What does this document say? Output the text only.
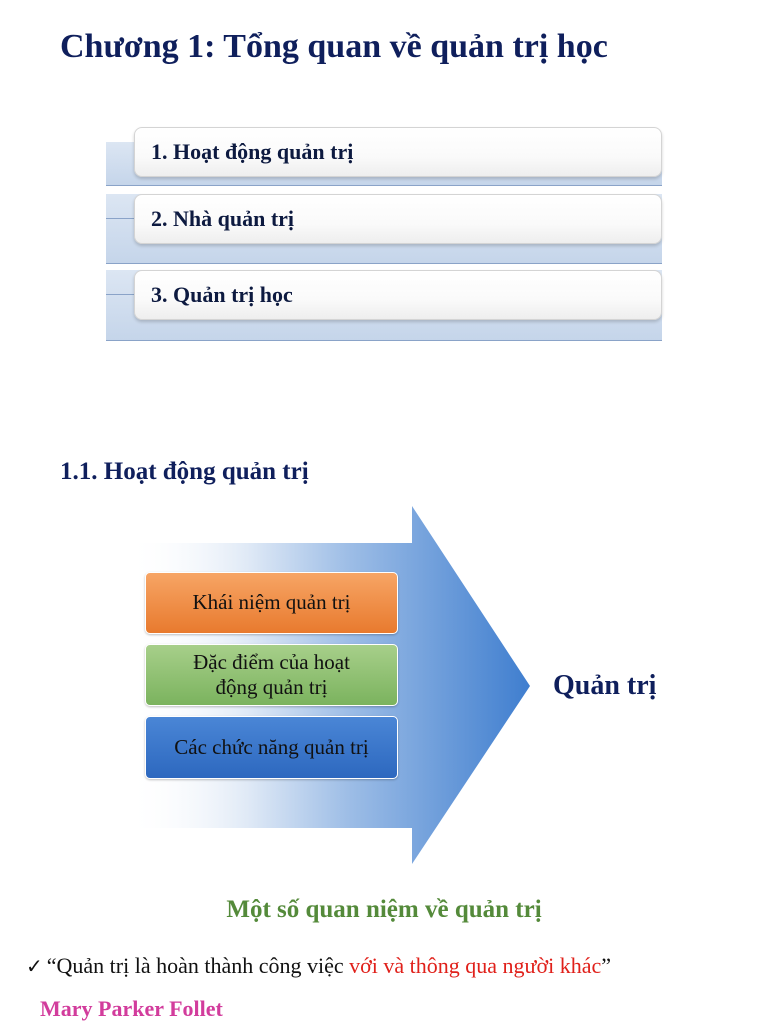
Chương 1: Tổng quan về quản trị học
1. Hoạt động quản trị
2. Nhà quản trị
3. Quản trị học
1.1. Hoạt động quản trị
Khái niệm quản trị
Đặc điểm của hoạt
động quản trị
Các chức năng quản trị
Quản trị
Một số quan niệm về quản trị
✓ “Quản trị là hoàn thành công việc với và thông qua người khác”
Mary Parker Follet
